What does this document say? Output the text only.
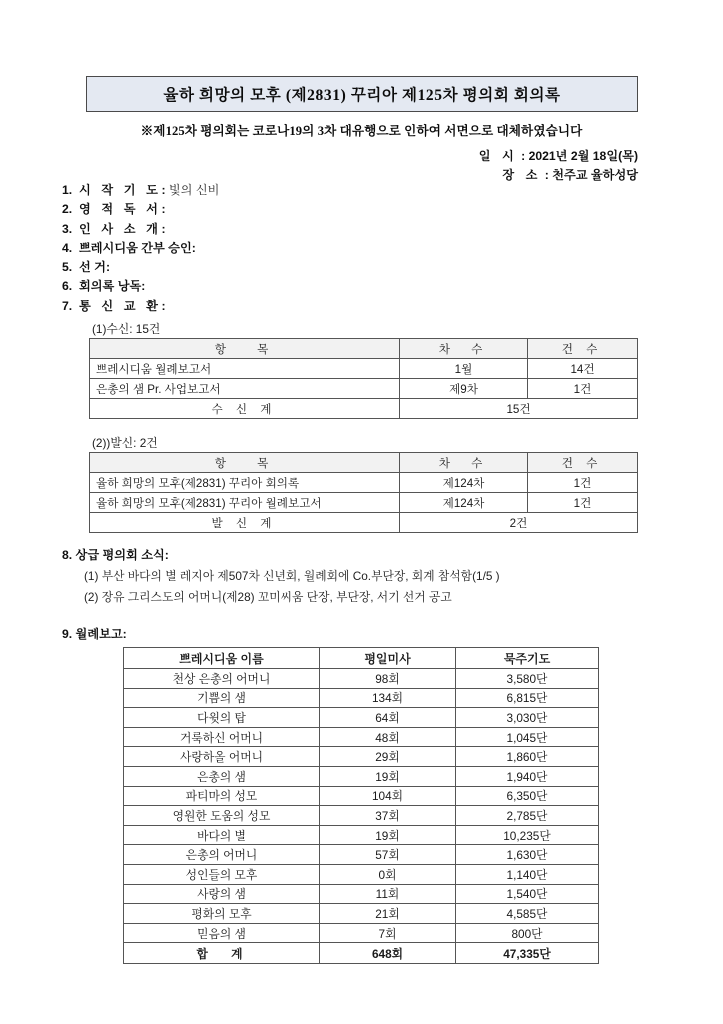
율하 희망의 모후 (제2831) 꾸리아 제125차 평의회 회의록
※제125차 평의회는 코로나19의 3차 대유행으로 인하여 서면으로 대체하였습니다
일 시 : 2021년 2월 18일(목)
장 소 : 천주교 율하성당
1. 시 작 기 도: 빛의 신비
2. 영 적 독 서:
3. 인 사 소 개:
4. 쁘레시디움 간부 승인:
5. 선 거:
6. 회의록 낭독:
7. 통 신 교 환:
(1)수신: 15건
항 목	차 수	건 수
쁘레시디움 월례보고서	1월	14건
은총의 샘 Pr. 사업보고서	제9차	1건
수 신 계	15건	
(2))발신: 2건
항 목	차 수	건 수
율하 희망의 모후(제2831) 꾸리아 회의록	제124차	1건
율하 희망의 모후(제2831) 꾸리아 월례보고서	제124차	1건
발 신 계	2건	
8. 상급 평의회 소식:
(1) 부산 바다의 별 레지아 제507차 신년회, 월례회에 Co.부단장, 회계 참석함(1/5 )
(2) 장유 그리스도의 어머니(제28) 꼬미씨움 단장, 부단장, 서기 선거 공고
9. 월례보고:
쁘레시디움 이름	평일미사	묵주기도
천상 은총의 어머니	98회	3,580단
기쁨의 샘	134회	6,815단
다윗의 탑	64회	3,030단
거룩하신 어머니	48회	1,045단
사랑하올 어머니	29회	1,860단
은총의 샘	19회	1,940단
파티마의 성모	104회	6,350단
영원한 도움의 성모	37회	2,785단
바다의 별	19회	10,235단
은총의 어머니	57회	1,630단
성인들의 모후	0회	1,140단
사랑의 샘	11회	1,540단
평화의 모후	21회	4,585단
믿음의 샘	7회	800단
합 계	648회	47,335단
